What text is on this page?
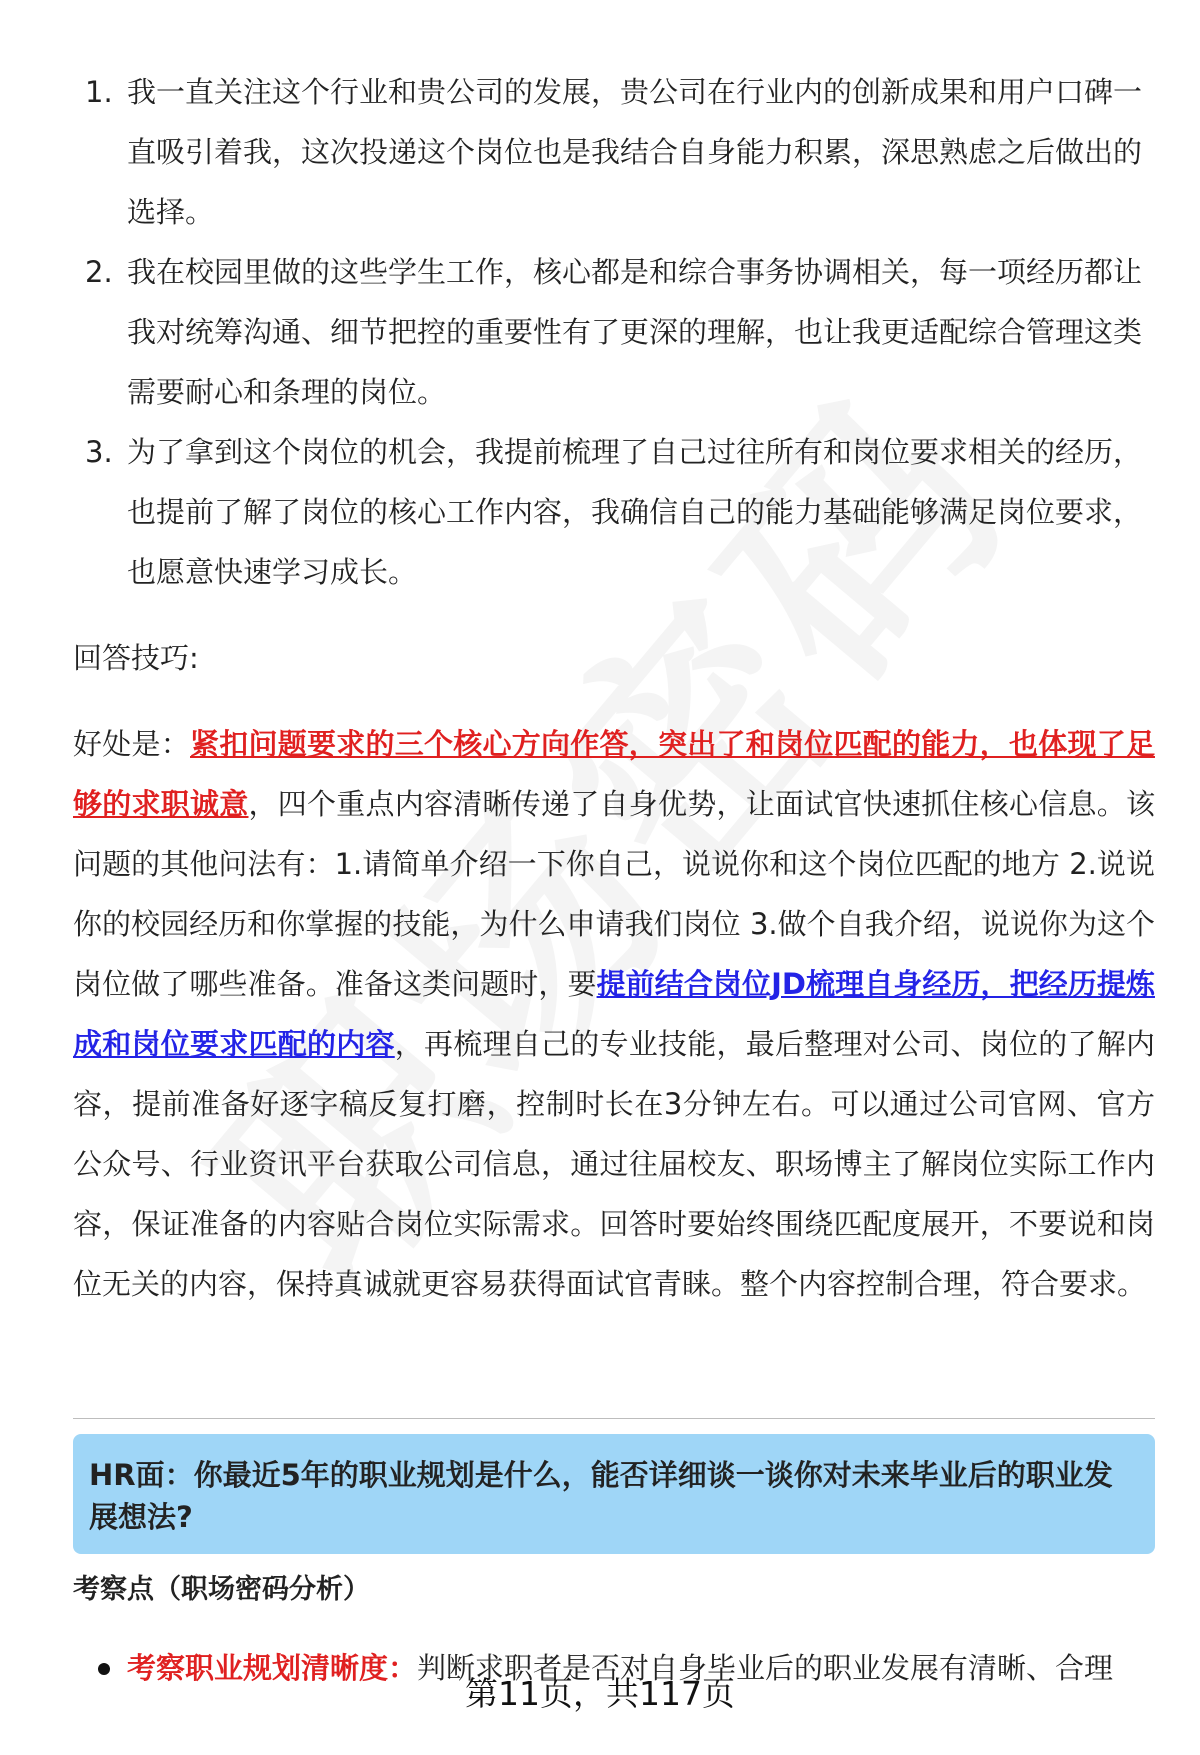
1. 我一直关注这个行业和贵公司的发展，贵公司在行业内的创新成果和用户口碑一直吸引着我，这次投递这个岗位也是我结合自身能力积累，深思熟虑之后做出的选择。
2. 我在校园里做的这些学生工作，核心都是和综合事务协调相关，每一项经历都让我对统筹沟通、细节把控的重要性有了更深的理解，也让我更适配综合管理这类需要耐心和条理的岗位。
3. 为了拿到这个岗位的机会，我提前梳理了自己过往所有和岗位要求相关的经历，也提前了解了岗位的核心工作内容，我确信自己的能力基础能够满足岗位要求，也愿意快速学习成长。
回答技巧:
好处是：紧扣问题要求的三个核心方向作答，突出了和岗位匹配的能力，也体现了足够的求职诚意，四个重点内容清晰传递了自身优势，让面试官快速抓住核心信息。该问题的其他问法有：1.请简单介绍一下你自己，说说你和这个岗位匹配的地方 2.说说你的校园经历和你掌握的技能，为什么申请我们岗位 3.做个自我介绍，说说你为这个岗位做了哪些准备。准备这类问题时，要提前结合岗位JD梳理自身经历，把经历提炼成和岗位要求匹配的内容，再梳理自己的专业技能，最后整理对公司、岗位的了解内容，提前准备好逐字稿反复打磨，控制时长在3分钟左右。可以通过公司官网、官方公众号、行业资讯平台获取公司信息，通过往届校友、职场博主了解岗位实际工作内容，保证准备的内容贴合岗位实际需求。回答时要始终围绕匹配度展开，不要说和岗位无关的内容，保持真诚就更容易获得面试官青睐。整个内容控制合理，符合要求。
HR面：你最近5年的职业规划是什么，能否详细谈一谈你对未来毕业后的职业发展想法?
考察点（职场密码分析）
考察职业规划清晰度：判断求职者是否对自身毕业后的职业发展有清晰、合理
第11页，共117页
